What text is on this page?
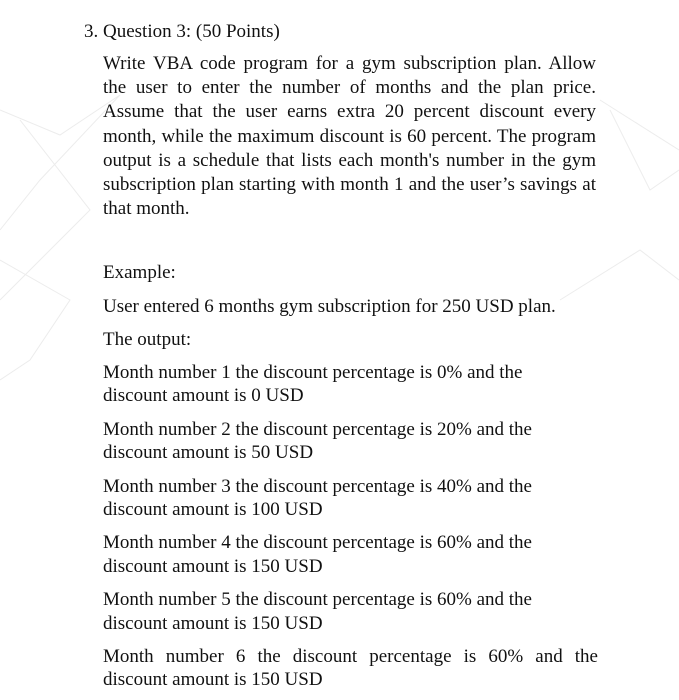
3. Question 3: (50 Points)
Write VBA code program for a gym subscription plan. Allow the user to enter the number of months and the plan price. Assume that the user earns extra 20 percent discount every month, while the maximum discount is 60 percent. The program output is a schedule that lists each month's number in the gym subscription plan starting with month 1 and the user’s savings at that month.
Example:
User entered 6 months gym subscription for 250 USD plan.
The output:
Month number 1 the discount percentage is 0% and the
discount amount is 0 USD
Month number 2 the discount percentage is 20% and the
discount amount is 50 USD
Month number 3 the discount percentage is 40% and the
discount amount is 100 USD
Month number 4 the discount percentage is 60% and the
discount amount is 150 USD
Month number 5 the discount percentage is 60% and the
discount amount is 150 USD
Month number 6 the discount percentage is 60% and the
discount amount is 150 USD
